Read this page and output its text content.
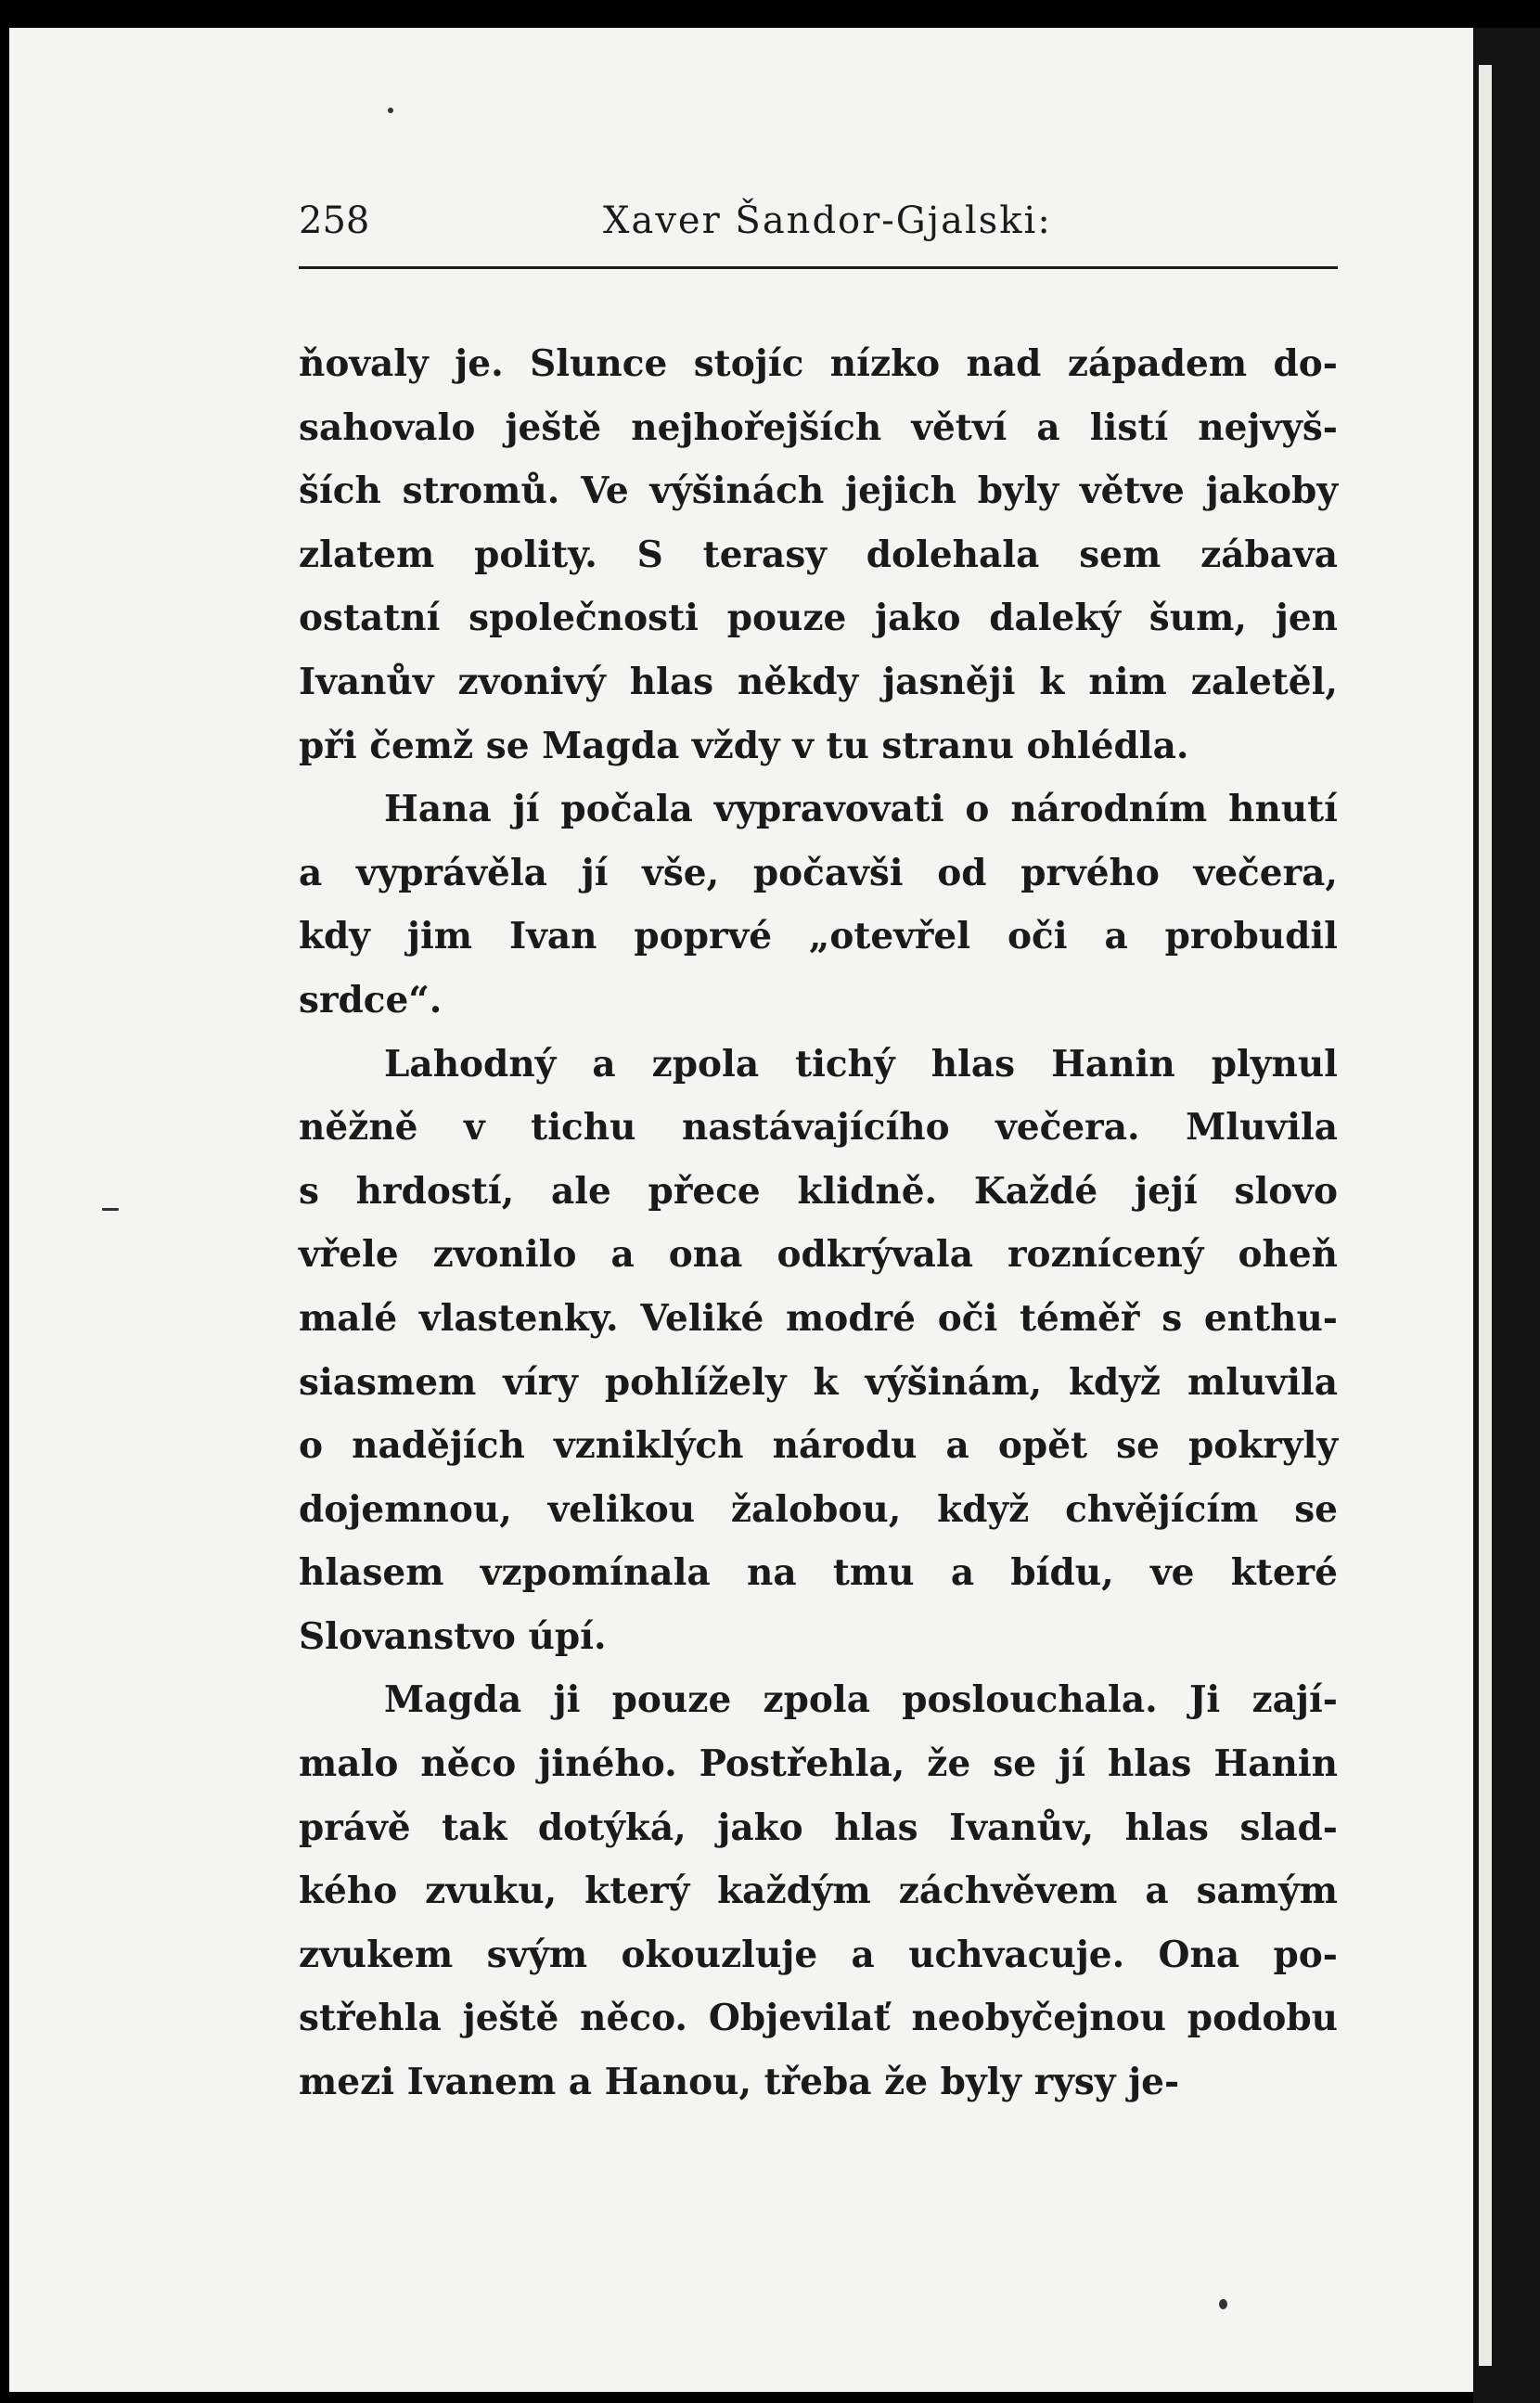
258	Xaver Šandor-Gjalski:
ňovaly je. Slunce stojíc nízko nad západem do-
sahovalo ještě nejhořejších větví a listí nejvyš-
ších stromů. Ve výšinách jejich byly větve jakoby
zlatem polity. S terasy dolehala sem zábava
ostatní společnosti pouze jako daleký šum, jen
Ivanův zvonivý hlas někdy jasněji k nim zaletěl,
při čemž se Magda vždy v tu stranu ohlédla.
Hana jí počala vypravovati o národním hnutí
a vyprávěla jí vše, počavši od prvého večera,
kdy jim Ivan poprvé „otevřel oči a probudil
srdce“.
Lahodný a zpola tichý hlas Hanin plynul
něžně v tichu nastávajícího večera. Mluvila
s hrdostí, ale přece klidně. Každé její slovo
vřele zvonilo a ona odkrývala roznícený oheň
malé vlastenky. Veliké modré oči téměř s enthu-
siasmem víry pohlížely k výšinám, když mluvila
o nadějích vzniklých národu a opět se pokryly
dojemnou, velikou žalobou, když chvějícím se
hlasem vzpomínala na tmu a bídu, ve které
Slovanstvo úpí.
Magda ji pouze zpola poslouchala. Ji zají-
malo něco jiného. Postřehla, že se jí hlas Hanin
právě tak dotýká, jako hlas Ivanův, hlas slad-
kého zvuku, který každým záchvěvem a samým
zvukem svým okouzluje a uchvacuje. Ona po-
střehla ještě něco. Objevilať neobyčejnou podobu
mezi Ivanem a Hanou, třeba že byly rysy je-
